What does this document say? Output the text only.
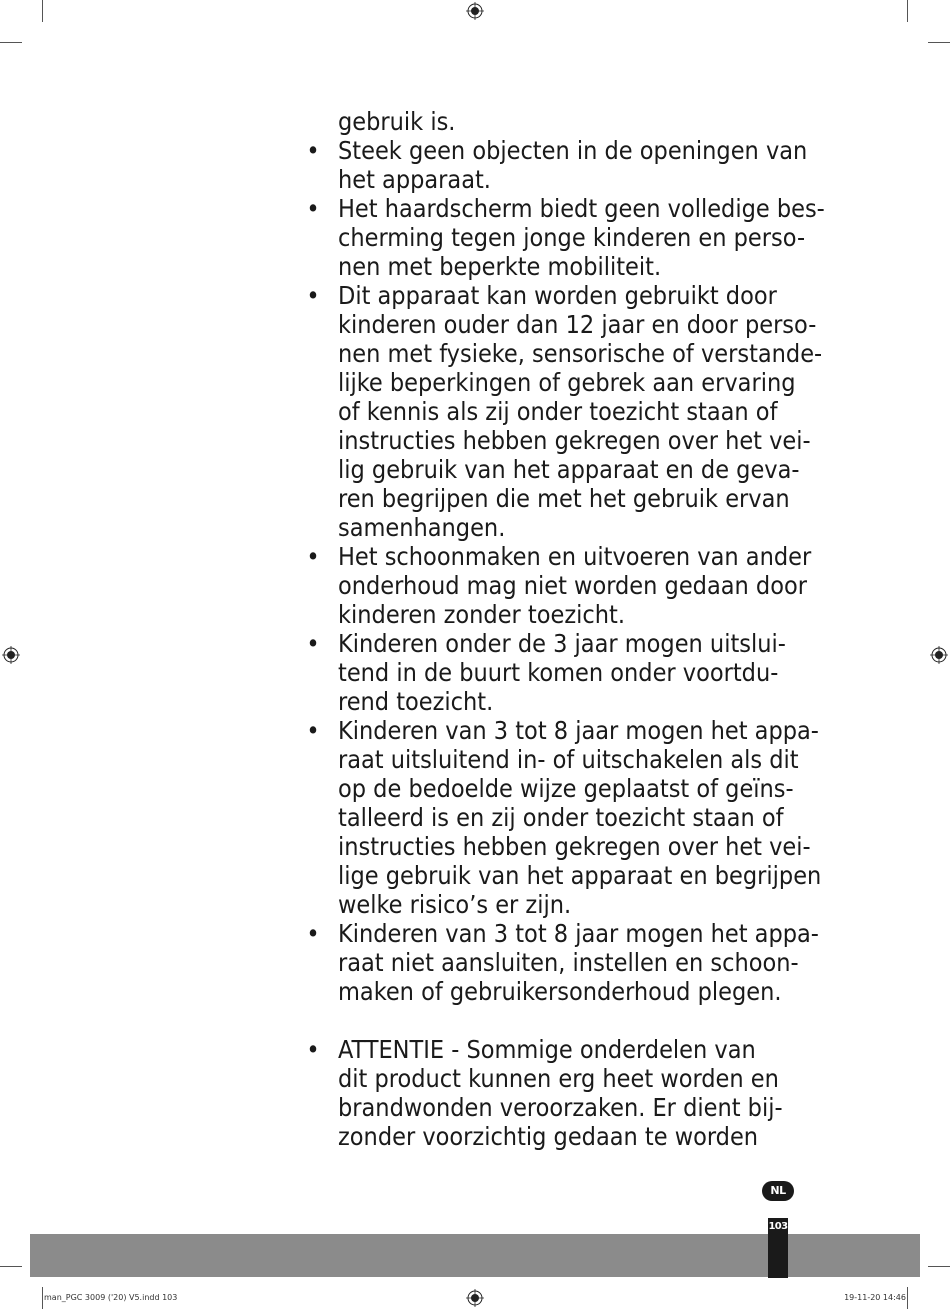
gebruik is.
• Steek geen objecten in de openingen van
het apparaat.
• Het haardscherm biedt geen volledige bes-
cherming tegen jonge kinderen en perso-
nen met beperkte mobiliteit.
• Dit apparaat kan worden gebruikt door
kinderen ouder dan 12 jaar en door perso-
nen met fysieke, sensorische of verstande-
lijke beperkingen of gebrek aan ervaring
of kennis als zij onder toezicht staan of
instructies hebben gekregen over het vei-
lig gebruik van het apparaat en de geva-
ren begrijpen die met het gebruik ervan
samenhangen.
• Het schoonmaken en uitvoeren van ander
onderhoud mag niet worden gedaan door
kinderen zonder toezicht.
• Kinderen onder de 3 jaar mogen uitslui-
tend in de buurt komen onder voortdu-
rend toezicht.
• Kinderen van 3 tot 8 jaar mogen het appa-
raat uitsluitend in- of uitschakelen als dit
op de bedoelde wijze geplaatst of geïns-
talleerd is en zij onder toezicht staan of
instructies hebben gekregen over het vei-
lige gebruik van het apparaat en begrijpen
welke risico’s er zijn.
• Kinderen van 3 tot 8 jaar mogen het appa-
raat niet aansluiten, instellen en schoon-
maken of gebruikersonderhoud plegen.
• ATTENTIE - Sommige onderdelen van
dit product kunnen erg heet worden en
brandwonden veroorzaken. Er dient bij-
zonder voorzichtig gedaan te worden
NL
103
man_PGC 3009 ('20) V5.indd 103	19-11-20 14:46
